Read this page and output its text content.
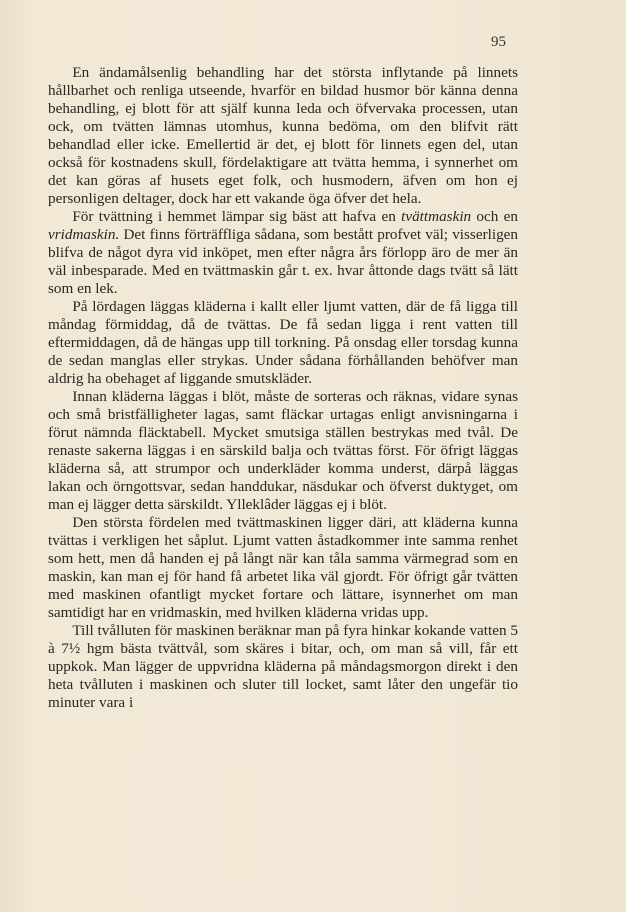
95

En ändamålsenlig behandling har det största inflytande på linnets hållbarhet och renliga utseende, hvarför en bildad husmor bör känna denna behandling, ej blott för att själf kunna leda och öfvervaka processen, utan ock, om tvätten lämnas utomhus, kunna bedöma, om den blifvit rätt behandlad eller icke. Emellertid är det, ej blott för linnets egen del, utan också för kostnadens skull, fördelaktigare att tvätta hemma, i synnerhet om det kan göras af husets eget folk, och husmodern, äfven om hon ej personligen deltager, dock har ett vakande öga öfver det hela.

För tvättning i hemmet lämpar sig bäst att hafva en tvättmaskin och en vridmaskin. Det finns förträffliga sådana, som bestått profvet väl; visserligen blifva de något dyra vid inköpet, men efter några års förlopp äro de mer än väl inbesparade. Med en tvättmaskin går t. ex. hvar åttonde dags tvätt så lätt som en lek.

På lördagen läggas kläderna i kallt eller ljumt vatten, där de få ligga till måndag förmiddag, då de tvättas. De få sedan ligga i rent vatten till eftermiddagen, då de hängas upp till torkning. På onsdag eller torsdag kunna de sedan manglas eller strykas. Under sådana förhållanden behöfver man aldrig ha obehaget af liggande smutskläder.

Innan kläderna läggas i blöt, måste de sorteras och räknas, vidare synas och små bristfälligheter lagas, samt fläckar urtagas enligt anvisningarna i förut nämnda fläcktabell. Mycket smutsiga ställen bestrykas med tvål. De renaste sakerna läggas i en särskild balja och tvättas först. För öfrigt läggas kläderna så, att strumpor och underkläder komma underst, därpå läggas lakan och örngottsvar, sedan handdukar, näsdukar och öfverst duktyget, om man ej lägger detta särskildt. Ylleklâder läggas ej i blöt.

Den största fördelen med tvättmaskinen ligger däri, att kläderna kunna tvättas i verkligen het såplut. Ljumt vatten åstadkommer inte samma renhet som hett, men då handen ej på långt när kan tåla samma värmegrad som en maskin, kan man ej för hand få arbetet lika väl gjordt. För öfrigt går tvätten med maskinen ofantligt mycket fortare och lättare, isynnerhet om man samtidigt har en vridmaskin, med hvilken kläderna vridas upp.

Till tvålluten för maskinen beräknar man på fyra hinkar kokande vatten 5 à 7½ hgm bästa tvättvål, som skäres i bitar, och, om man så vill, får ett uppkok. Man lägger de uppvridna kläderna på måndagsmorgon direkt i den heta tvålluten i maskinen och sluter till locket, samt låter den ungefär tio minuter vara i
